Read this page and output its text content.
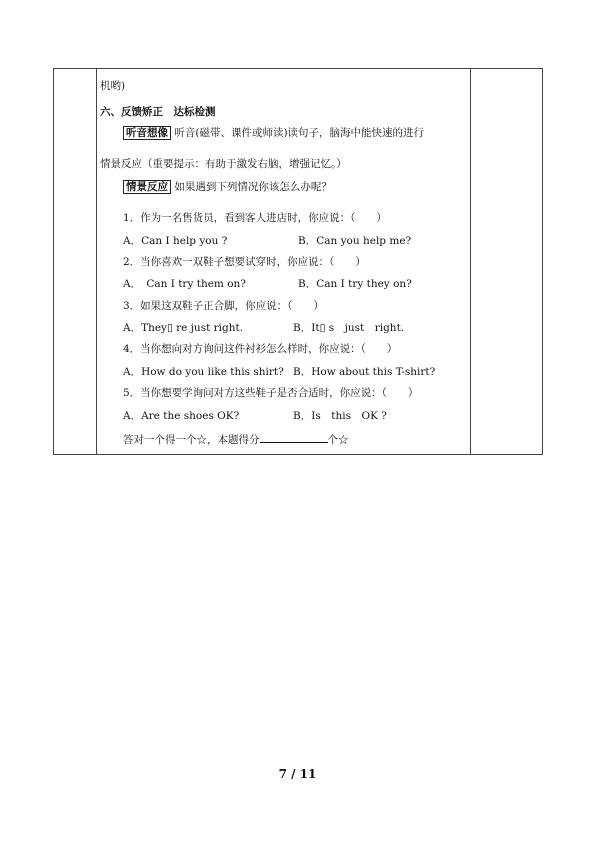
机哟)
六、反馈矫正　达标检测
听音想像 听音(磁带、课件或师读)读句子，脑海中能快速的进行
情景反应（重要提示：有助于激发右脑，增强记忆。）
情景反应 如果遇到下列情况你该怎么办呢？
1．作为一名售货员，看到客人进店时，你应说：（　　）
A．Can I help you ?	B．Can you help me?
2．当你喜欢一双鞋子想要试穿时，你应说：（　　）
A．　Can I try them on?	B．Can I try they on?
3．如果这双鞋子正合脚，你应说：（　　）
A．They▯ re just right.	B．It▯ s　just　right.
4．当你想向对方询问这件衬衫怎么样时，你应说：（　　）
A．How do you like this shirt? B．How about this T-shirt?
5．当你想要学询问对方这些鞋子是否合适时，你应说：（　　）
A．Are the shoes OK?	B．Is　this　OK ?
答对一个得一个☆，本题得分	个☆
7 / 11
